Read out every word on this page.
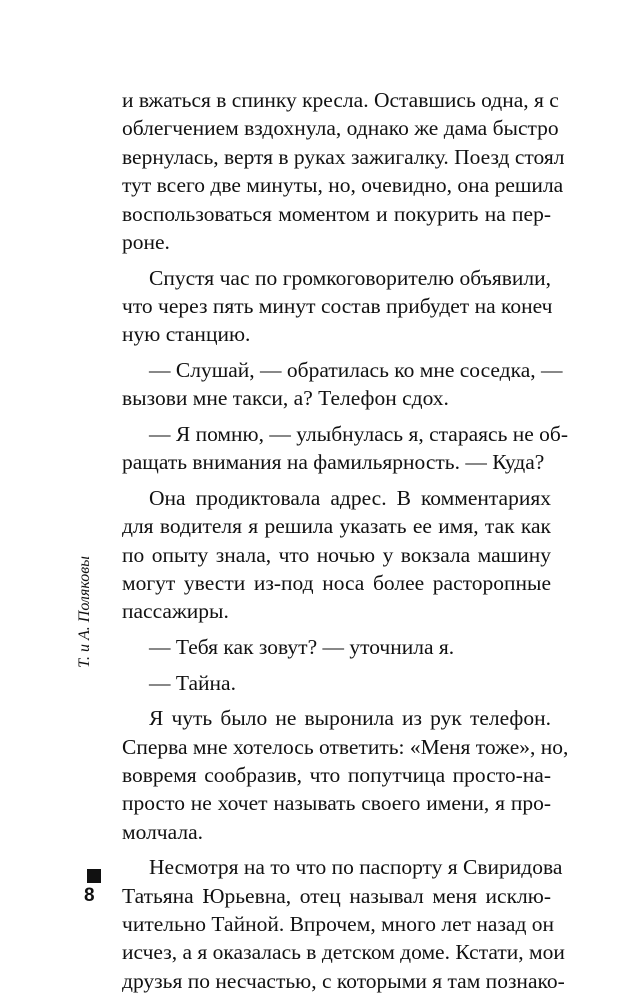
и вжаться в спинку кресла. Оставшись одна, я с
облегчением вздохнула, однако же дама быстро
вернулась, вертя в руках зажигалку. Поезд стоял
тут всего две минуты, но, очевидно, она решила
воспользоваться моментом и покурить на пер-
роне.
Спустя час по громкоговорителю объявили,
что через пять минут состав прибудет на конеч
ную станцию.
— Слушай, — обратилась ко мне соседка, —
вызови мне такси, а? Телефон сдох.
— Я помню, — улыбнулась я, стараясь не об-
ращать внимания на фамильярность. — Куда?
Она продиктовала адрес. В комментариях
для водителя я решила указать ее имя, так как
по опыту знала, что ночью у вокзала машину
могут увести из-под носа более расторопные
пассажиры.
— Тебя как зовут? — уточнила я.
— Тайна.
Я чуть было не выронила из рук телефон.
Сперва мне хотелось ответить: «Меня тоже», но,
вовремя сообразив, что попутчица просто-на-
просто не хочет называть своего имени, я про-
молчала.
Несмотря на то что по паспорту я Свиридова
Татьяна Юрьевна, отец называл меня исклю-
чительно Тайной. Впрочем, много лет назад он
исчез, а я оказалась в детском доме. Кстати, мои
друзья по несчастью, с которыми я там познако-
Т. и А. Поляковы
8
